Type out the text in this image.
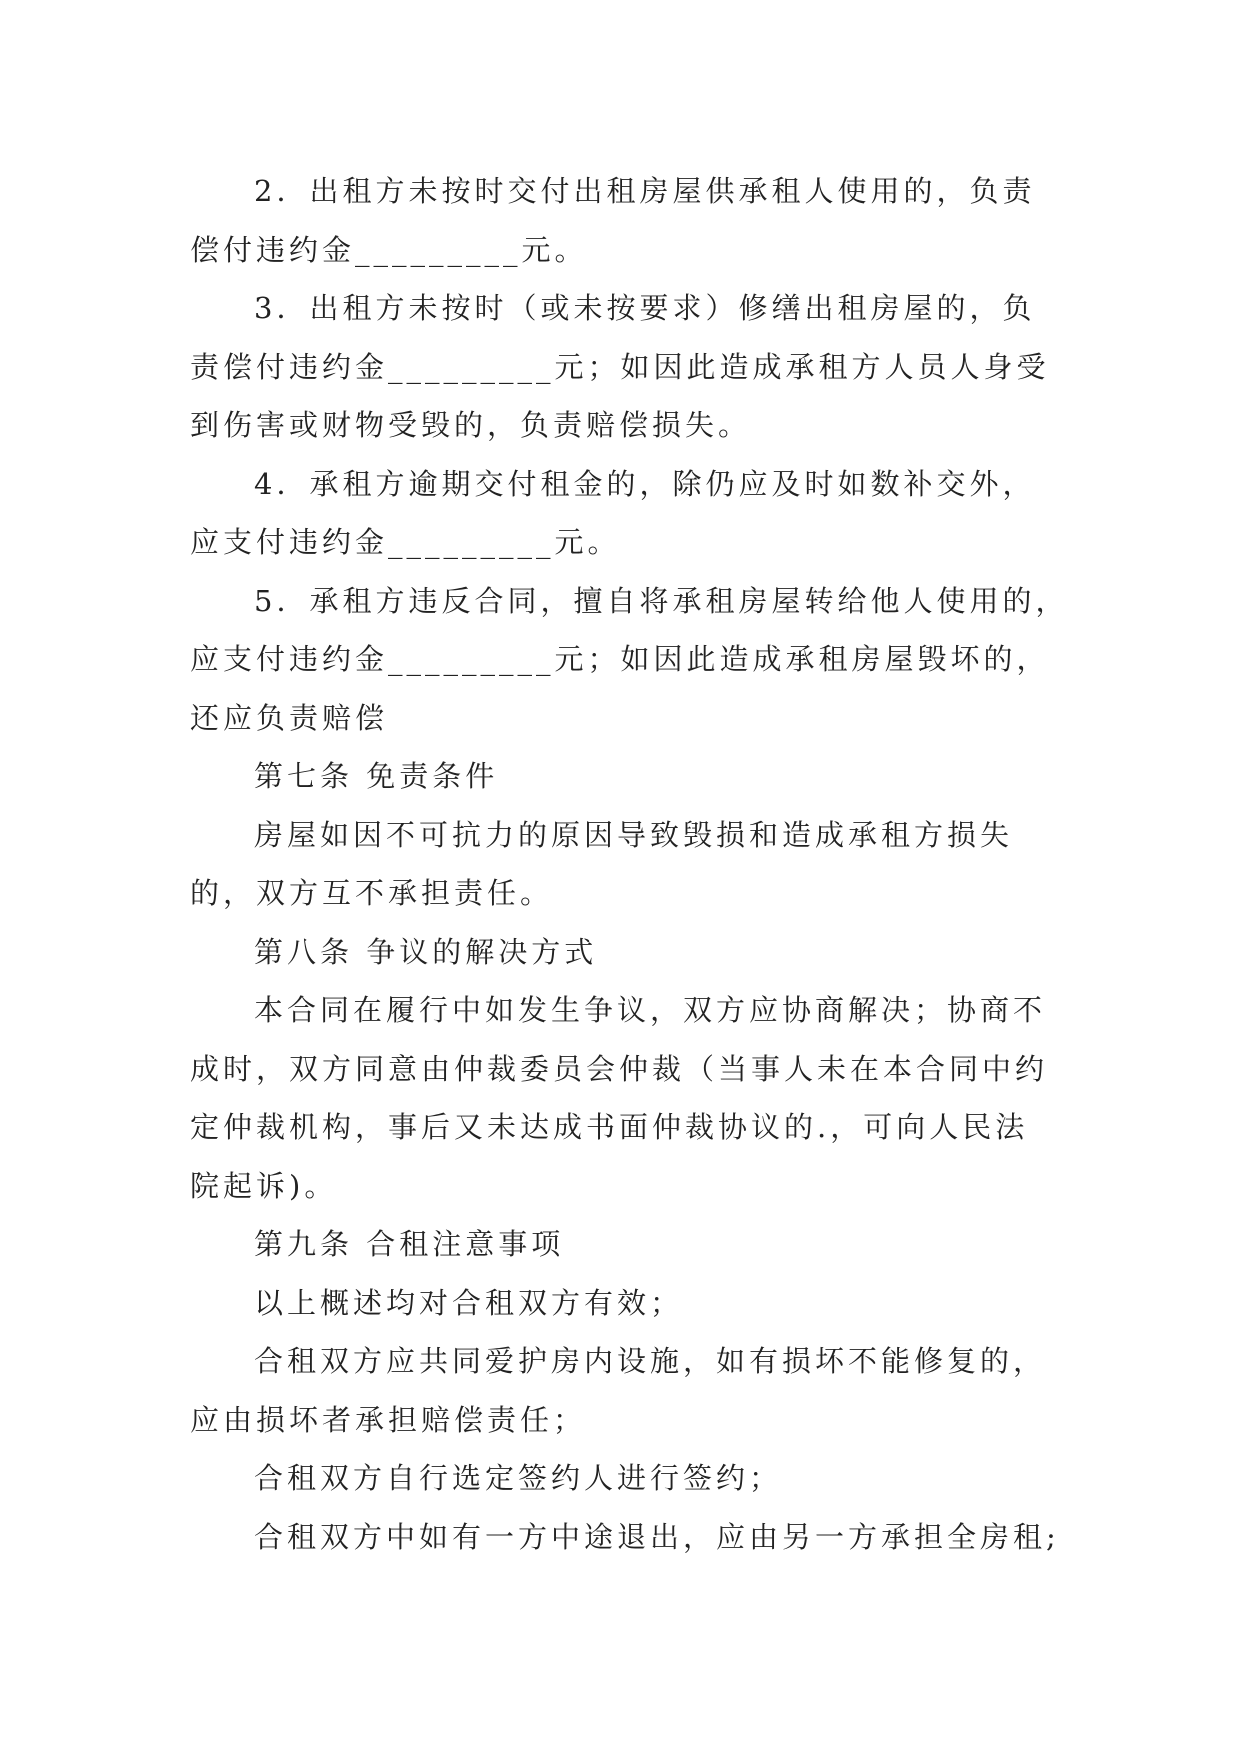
2．出租方未按时交付出租房屋供承租人使用的，负责
偿付违约金_________元。
3．出租方未按时（或未按要求）修缮出租房屋的，负
责偿付违约金_________元；如因此造成承租方人员人身受
到伤害或财物受毁的，负责赔偿损失。
4．承租方逾期交付租金的，除仍应及时如数补交外，
应支付违约金_________元。
5．承租方违反合同，擅自将承租房屋转给他人使用的，
应支付违约金_________元；如因此造成承租房屋毁坏的，
还应负责赔偿
第七条 免责条件
房屋如因不可抗力的原因导致毁损和造成承租方损失
的，双方互不承担责任。
第八条 争议的解决方式
本合同在履行中如发生争议，双方应协商解决；协商不
成时，双方同意由仲裁委员会仲裁（当事人未在本合同中约
定仲裁机构，事后又未达成书面仲裁协议的.，可向人民法
院起诉)。
第九条 合租注意事项
以上概述均对合租双方有效；
合租双方应共同爱护房内设施，如有损坏不能修复的，
应由损坏者承担赔偿责任；
合租双方自行选定签约人进行签约；
合租双方中如有一方中途退出，应由另一方承担全房租;
